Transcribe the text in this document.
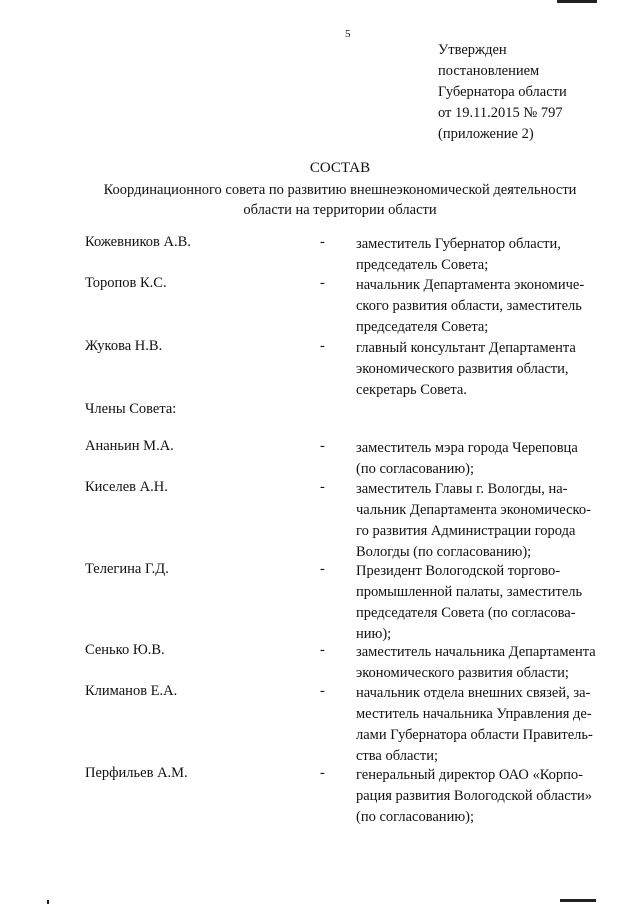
5
Утвержден
постановлением
Губернатора области
от 19.11.2015 № 797
(приложение 2)
СОСТАВ
Координационного совета по развитию внешнеэкономической деятельности
области на территории области
Кожевников А.В.	- заместитель Губернатор области,
председатель Совета;
Торопов К.С.	- начальник Департамента экономиче-
ского развития области, заместитель
председателя Совета;
Жукова Н.В.	- главный консультант Департамента
экономического развития области,
секретарь Совета.
Члены Совета:
Ананьин М.А.	- заместитель мэра города Череповца
(по согласованию);
Киселев А.Н.	- заместитель Главы г. Вологды, на-
чальник Департамента экономическо-
го развития Администрации города
Вологды (по согласованию);
Телегина Г.Д.	- Президент Вологодской торгово-
промышленной палаты, заместитель
председателя Совета (по согласова-
нию);
Сенько Ю.В.	- заместитель начальника Департамента
экономического развития области;
Климанов Е.А.	- начальник отдела внешних связей, за-
меститель начальника Управления де-
лами Губернатора области Правитель-
ства области;
Перфильев А.М.	- генеральный директор ОАО «Корпо-
рация развития Вологодской области»
(по согласованию);
